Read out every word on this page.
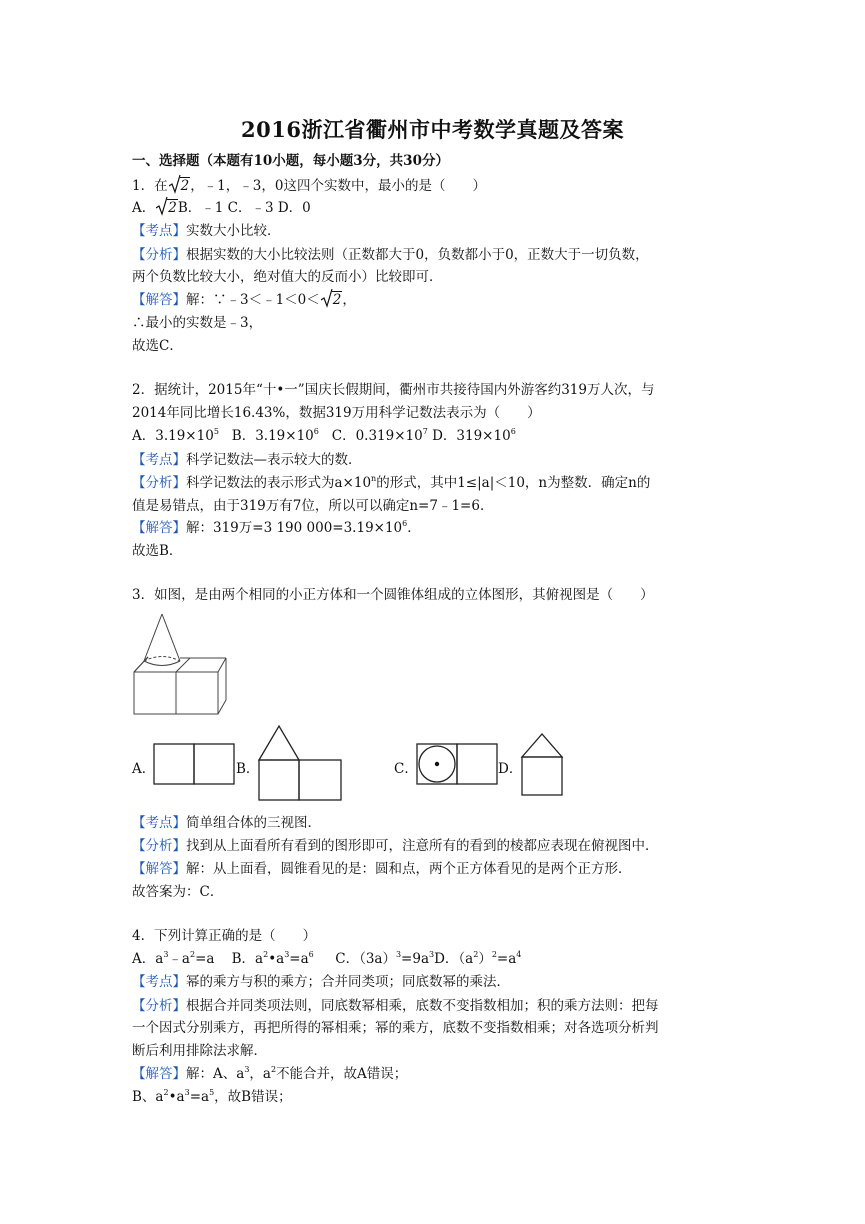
2016浙江省衢州市中考数学真题及答案
一、选择题（本题有10小题，每小题3分，共30分）
1．在 2，﹣1，﹣3，0这四个实数中，最小的是（　　）
A． 2B．﹣1 C．﹣3 D．0
【考点】实数大小比较．
【分析】根据实数的大小比较法则（正数都大于0，负数都小于0，正数大于一切负数，
两个负数比较大小，绝对值大的反而小）比较即可．
【解答】解：∵﹣3＜﹣1＜0＜ 2，
∴最小的实数是﹣3，
故选C．
2．据统计，2015年“十•一”国庆长假期间，衢州市共接待国内外游客约319万人次，与
2014年同比增长16.43%，数据319万用科学记数法表示为（　　）
A．$3.19\times 10^5$ B．$3.19\times 10^6$ C．$0.319\times 10^7$ D．$319\times 10^6$
【考点】科学记数法—表示较大的数．
【分析】科学记数法的表示形式为$a\times 10^n$的形式，其中1≤|a|＜10，n为整数．确定n的
值是易错点，由于319万有7位，所以可以确定n=7﹣1=6．
【解答】解：319万=3 190 $000=3.19\times 10^6$．
故选B．
3．如图，是由两个相同的小正方体和一个圆锥体组成的立体图形，其俯视图是（　　）
A．	B．	C．	D．
【考点】简单组合体的三视图．
【分析】找到从上面看所有看到的图形即可，注意所有的看到的棱都应表现在俯视图中．
【解答】解：从上面看，圆锥看见的是：圆和点，两个正方体看见的是两个正方形．
故答案为：C．
4．下列计算正确的是（　　）
A．$a^3﹣a^2=a$ B．$a^2•a^3=a^6$ C．$(3a)^3=9a^3D$．$(a^2)^2=a^4$
【考点】幂的乘方与积的乘方；合并同类项；同底数幂的乘法．
【分析】根据合并同类项法则，同底数幂相乘，底数不变指数相加；积的乘方法则：把每
一个因式分别乘方，再把所得的幂相乘；幂的乘方，底数不变指数相乘；对各选项分析判
断后利用排除法求解．
【解答】解：A、$a^3$，$a^2$不能合并，故A错误；
B、$a^2•a^3=a^5$，故B错误；
